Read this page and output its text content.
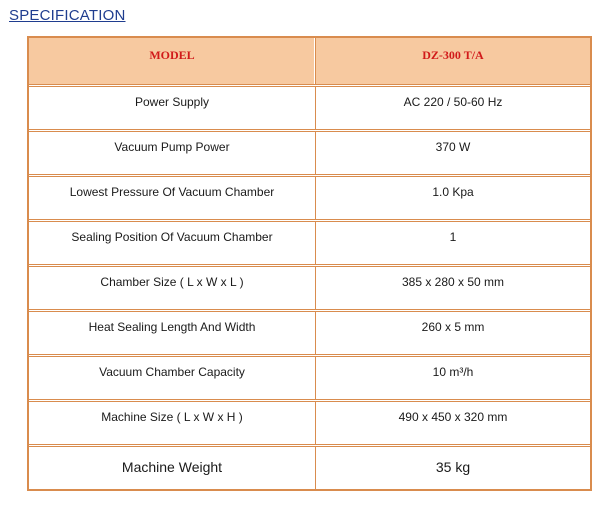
SPECIFICATION
MODEL	DZ-300 T/A
Power Supply	AC 220 / 50-60 Hz
Vacuum Pump Power	370 W
Lowest Pressure Of Vacuum Chamber	1.0 Kpa
Sealing Position Of Vacuum Chamber	1
Chamber Size ( L x W x L )	385 x 280 x 50 mm
Heat Sealing Length And Width	260 x 5 mm
Vacuum Chamber Capacity	10 m³/h
Machine Size ( L x W x H )	490 x 450 x 320 mm
Machine Weight	35 kg
